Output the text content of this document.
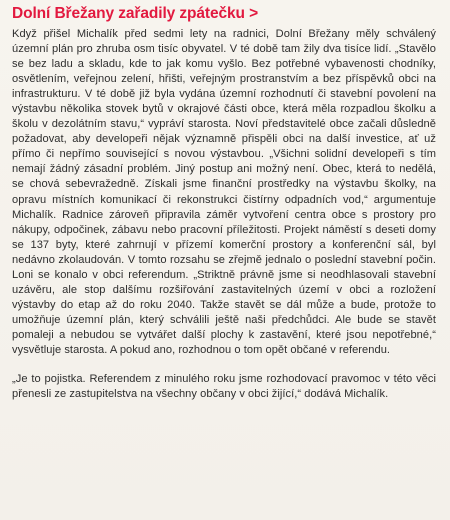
Dolní Břežany zařadily zpátečku >

Když přišel Michalík před sedmi lety na radnici, Dolní Břežany měly schválený územní plán pro zhruba osm tisíc obyvatel. V té době tam žily dva tisíce lidí. „Stavělo se bez ladu a skladu, kde to jak komu vyšlo. Bez potřebné vybavenosti chodníky, osvětlením, veřejnou zelení, hřišti, veřejným prostranstvím a bez příspěvků obci na infrastrukturu. V té době již byla vydána územní rozhodnutí či stavební povolení na výstavbu několika stovek bytů v okrajové části obce, která měla rozpadlou školku a školu v dezolátním stavu,“ vypráví starosta. Noví představitelé obce začali důsledně požadovat, aby developeři nějak významně přispěli obci na další investice, ať už přímo či nepřímo související s novou výstavbou. „Všichni solidní developeři s tím nemají žádný zásadní problém. Jiný postup ani možný není. Obec, která to nedělá, se chová sebevražedně. Získali jsme finanční prostředky na výstavbu školky, na opravu místních komunikací či rekonstrukci čistírny odpadních vod,“ argumentuje Michalík. Radnice zároveň připravila záměr vytvoření centra obce s prostory pro nákupy, odpočinek, zábavu nebo pracovní příležitosti. Projekt náměstí s deseti domy se 137 byty, které zahrnují v přízemí komerční prostory a konferenční sál, byl nedávno zkolaudován. V tomto rozsahu se zřejmě jednalo o poslední stavební počin. Loni se konalo v obci referendum. „Striktně právně jsme si neodhlasovali stavební uzávěru, ale stop dalšímu rozšiřování zastavitelných území v obci a rozložení výstavby do etap až do roku 2040. Takže stavět se dál může a bude, protože to umožňuje územní plán, který schválili ještě naši předchůdci. Ale bude se stavět pomaleji a nebudou se vytvářet další plochy k zastavění, které jsou nepotřebné,“ vysvětluje starosta. A pokud ano, rozhodnou o tom opět občané v referendu.

„Je to pojistka. Referendem z minulého roku jsme rozhodovací pravomoc v této věci přenesli ze zastupitelstva na všechny občany v obci žijící,“ dodává Michalík.
